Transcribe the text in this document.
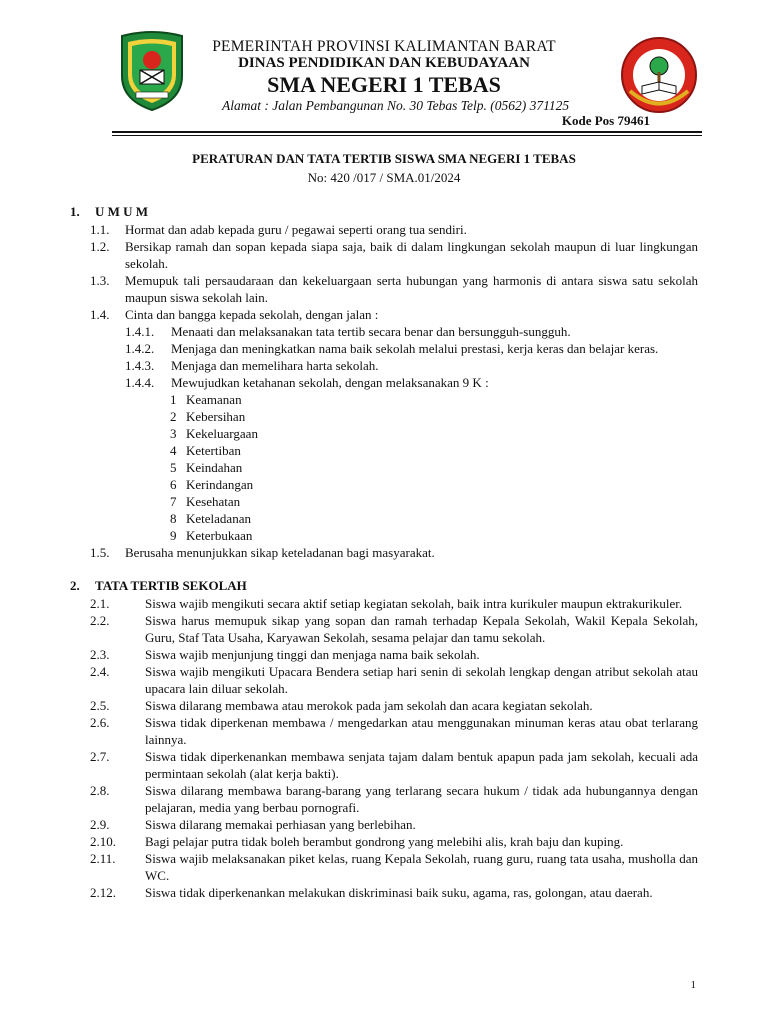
PEMERINTAH PROVINSI KALIMANTAN BARAT
DINAS PENDIDIKAN DAN KEBUDAYAAN
SMA NEGERI 1 TEBAS
Alamat : Jalan Pembangunan No. 30 Tebas Telp. (0562) 371125
Kode Pos 79461
PERATURAN DAN TATA TERTIB SISWA SMA NEGERI 1 TEBAS
No: 420 /017 / SMA.01/2024
1.	U M U M
1.1.	Hormat dan adab kepada guru / pegawai seperti orang tua sendiri.
1.2.	Bersikap ramah dan sopan kepada siapa saja, baik di dalam lingkungan sekolah maupun di luar lingkungan sekolah.
1.3.	Memupuk tali persaudaraan dan kekeluargaan serta hubungan yang harmonis di antara siswa satu sekolah maupun siswa sekolah lain.
1.4.	Cinta dan bangga kepada sekolah, dengan jalan :
1.4.1.	Menaati dan melaksanakan tata tertib secara benar dan bersungguh-sungguh.
1.4.2.	Menjaga dan meningkatkan nama baik sekolah melalui prestasi, kerja keras dan belajar keras.
1.4.3.	Menjaga dan memelihara harta sekolah.
1.4.4.	Mewujudkan ketahanan sekolah, dengan melaksanakan 9 K :
1 Keamanan
2 Kebersihan
3 Kekeluargaan
4 Ketertiban
5 Keindahan
6 Kerindangan
7 Kesehatan
8 Keteladanan
9 Keterbukaan
1.5.	Berusaha menunjukkan sikap keteladanan bagi masyarakat.
2.	TATA TERTIB SEKOLAH
2.1.	Siswa wajib mengikuti secara aktif setiap kegiatan sekolah, baik intra kurikuler maupun ektrakurikuler.
2.2.	Siswa harus memupuk sikap yang sopan dan ramah terhadap Kepala Sekolah, Wakil Kepala Sekolah, Guru, Staf Tata Usaha, Karyawan Sekolah, sesama pelajar dan tamu sekolah.
2.3.	Siswa wajib menjunjung tinggi dan menjaga nama baik sekolah.
2.4.	Siswa wajib mengikuti Upacara Bendera setiap hari senin di sekolah lengkap dengan atribut sekolah atau upacara lain diluar sekolah.
2.5.	Siswa dilarang membawa atau merokok pada jam sekolah dan acara kegiatan sekolah.
2.6.	Siswa tidak diperkenan membawa / mengedarkan atau menggunakan minuman keras atau obat terlarang lainnya.
2.7.	Siswa tidak diperkenankan membawa senjata tajam dalam bentuk apapun pada jam sekolah, kecuali ada permintaan sekolah (alat kerja bakti).
2.8.	Siswa dilarang membawa barang-barang yang terlarang secara hukum / tidak ada hubungannya dengan pelajaran, media yang berbau pornografi.
2.9.	Siswa dilarang memakai perhiasan yang berlebihan.
2.10.	Bagi pelajar putra tidak boleh berambut gondrong yang melebihi alis, krah baju dan kuping.
2.11.	Siswa wajib melaksanakan piket kelas, ruang Kepala Sekolah, ruang guru, ruang tata usaha, musholla dan WC.
2.12.	Siswa tidak diperkenankan melakukan diskriminasi baik suku, agama, ras, golongan, atau daerah.
1
